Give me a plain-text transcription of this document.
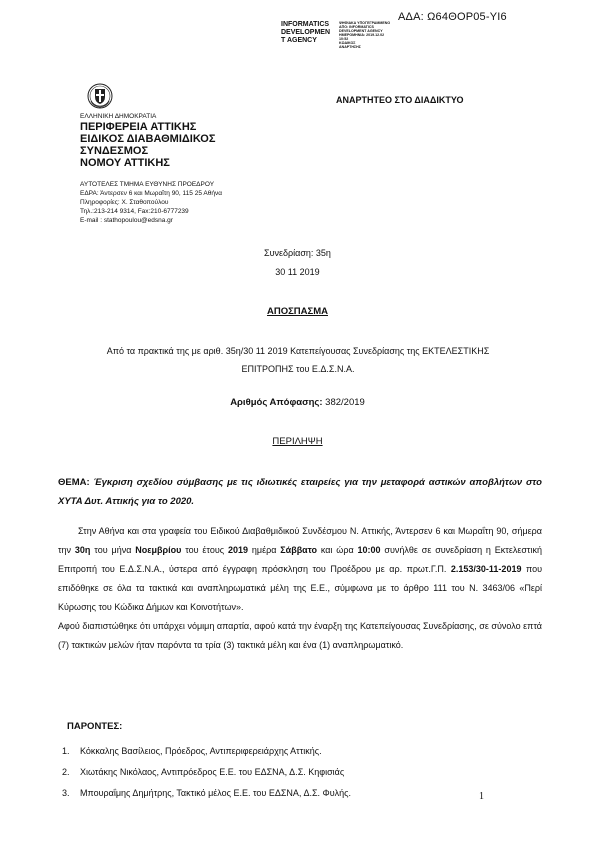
ΑΔΑ: Ω64ΘΟΡ05-ΥΙ6
INFORMATICS
DEVELOPMEN
T AGENCY
ΨΗΦΙΑΚΑ ΥΠΟΓΕΓΡΑΜΜΕΝΟ
ΑΠΟ: INFORMATICS
DEVELOPMENT AGENCY
ΗΜΕΡΟΜΗΝΙΑ: 2019.12.02
10:52
ΚΩΔΙΚΟΣ
ΑΝΑΡΤΗΣΗΣ
ΑΝΑΡΤΗΤΕΟ ΣΤΟ ΔΙΑΔΙΚΤΥΟ
ΕΛΛΗΝΙΚΗ ΔΗΜΟΚΡΑΤΙΑ
ΠΕΡΙΦΕΡΕΙΑ ΑΤΤΙΚΗΣ
ΕΙΔΙΚΟΣ ΔΙΑΒΑΘΜΙΔΙΚΟΣ
ΣΥΝΔΕΣΜΟΣ
ΝΟΜΟΥ ΑΤΤΙΚΗΣ
ΑΥΤΟΤΕΛΕΣ ΤΜΗΜΑ ΕΥΘΥΝΗΣ ΠΡΟΕΔΡΟΥ
ΕΔΡΑ: Άντερσεν 6 και Μωραΐτη 90, 115 25 Αθήνα
Πληροφορίες: Χ. Σταθοπούλου
Τηλ.:213-214 9314, Fax:210-6777239
E-mail : stathopoulou@edsna.gr
Συνεδρίαση: 35η
30 11 2019
ΑΠΟΣΠΑΣΜΑ
Από τα πρακτικά της με αριθ. 35η/30 11 2019 Κατεπείγουσας Συνεδρίασης της ΕΚΤΕΛΕΣΤΙΚΗΣ
ΕΠΙΤΡΟΠΗΣ του Ε.Δ.Σ.Ν.Α.
Αριθμός Απόφασης: 382/2019
ΠΕΡΙΛΗΨΗ
ΘΕΜΑ: Έγκριση σχεδίου σύμβασης με τις ιδιωτικές εταιρείες για την μεταφορά αστικών αποβλήτων στο ΧΥΤΑ Δυτ. Αττικής για το 2020.

Στην Αθήνα και στα γραφεία του Ειδικού Διαβαθμιδικού Συνδέσμου Ν. Αττικής, Άντερσεν 6 και Μωραΐτη 90, σήμερα την 30η του μήνα Νοεμβρίου του έτους 2019 ημέρα Σάββατο και ώρα 10:00 συνήλθε σε συνεδρίαση η Εκτελεστική Επιτροπή του Ε.Δ.Σ.Ν.Α., ύστερα από έγγραφη πρόσκληση του Προέδρου με αρ. πρωτ.Γ.Π. 2.153/30-11-2019 που επιδόθηκε σε όλα τα τακτικά και αναπληρωματικά μέλη της Ε.Ε., σύμφωνα με το άρθρο 111 του Ν. 3463/06 «Περί Κύρωσης του Κώδικα Δήμων και Κοινοτήτων».

Αφού διαπιστώθηκε ότι υπάρχει νόμιμη απαρτία, αφού κατά την έναρξη της Κατεπείγουσας Συνεδρίασης, σε σύνολο επτά (7) τακτικών μελών ήταν παρόντα τα τρία (3) τακτικά μέλη και ένα (1) αναπληρωματικό.

ΠΑΡΟΝΤΕΣ:
1. Κόκκαλης Βασίλειος, Πρόεδρος, Αντιπεριφερειάρχης Αττικής.
2. Χιωτάκης Νικόλαος, Αντιπρόεδρος Ε.Ε. του ΕΔΣΝΑ, Δ.Σ. Κηφισιάς
3. Μπουραΐμης Δημήτρης, Τακτικό μέλος Ε.Ε. του ΕΔΣΝΑ, Δ.Σ. Φυλής.	1
